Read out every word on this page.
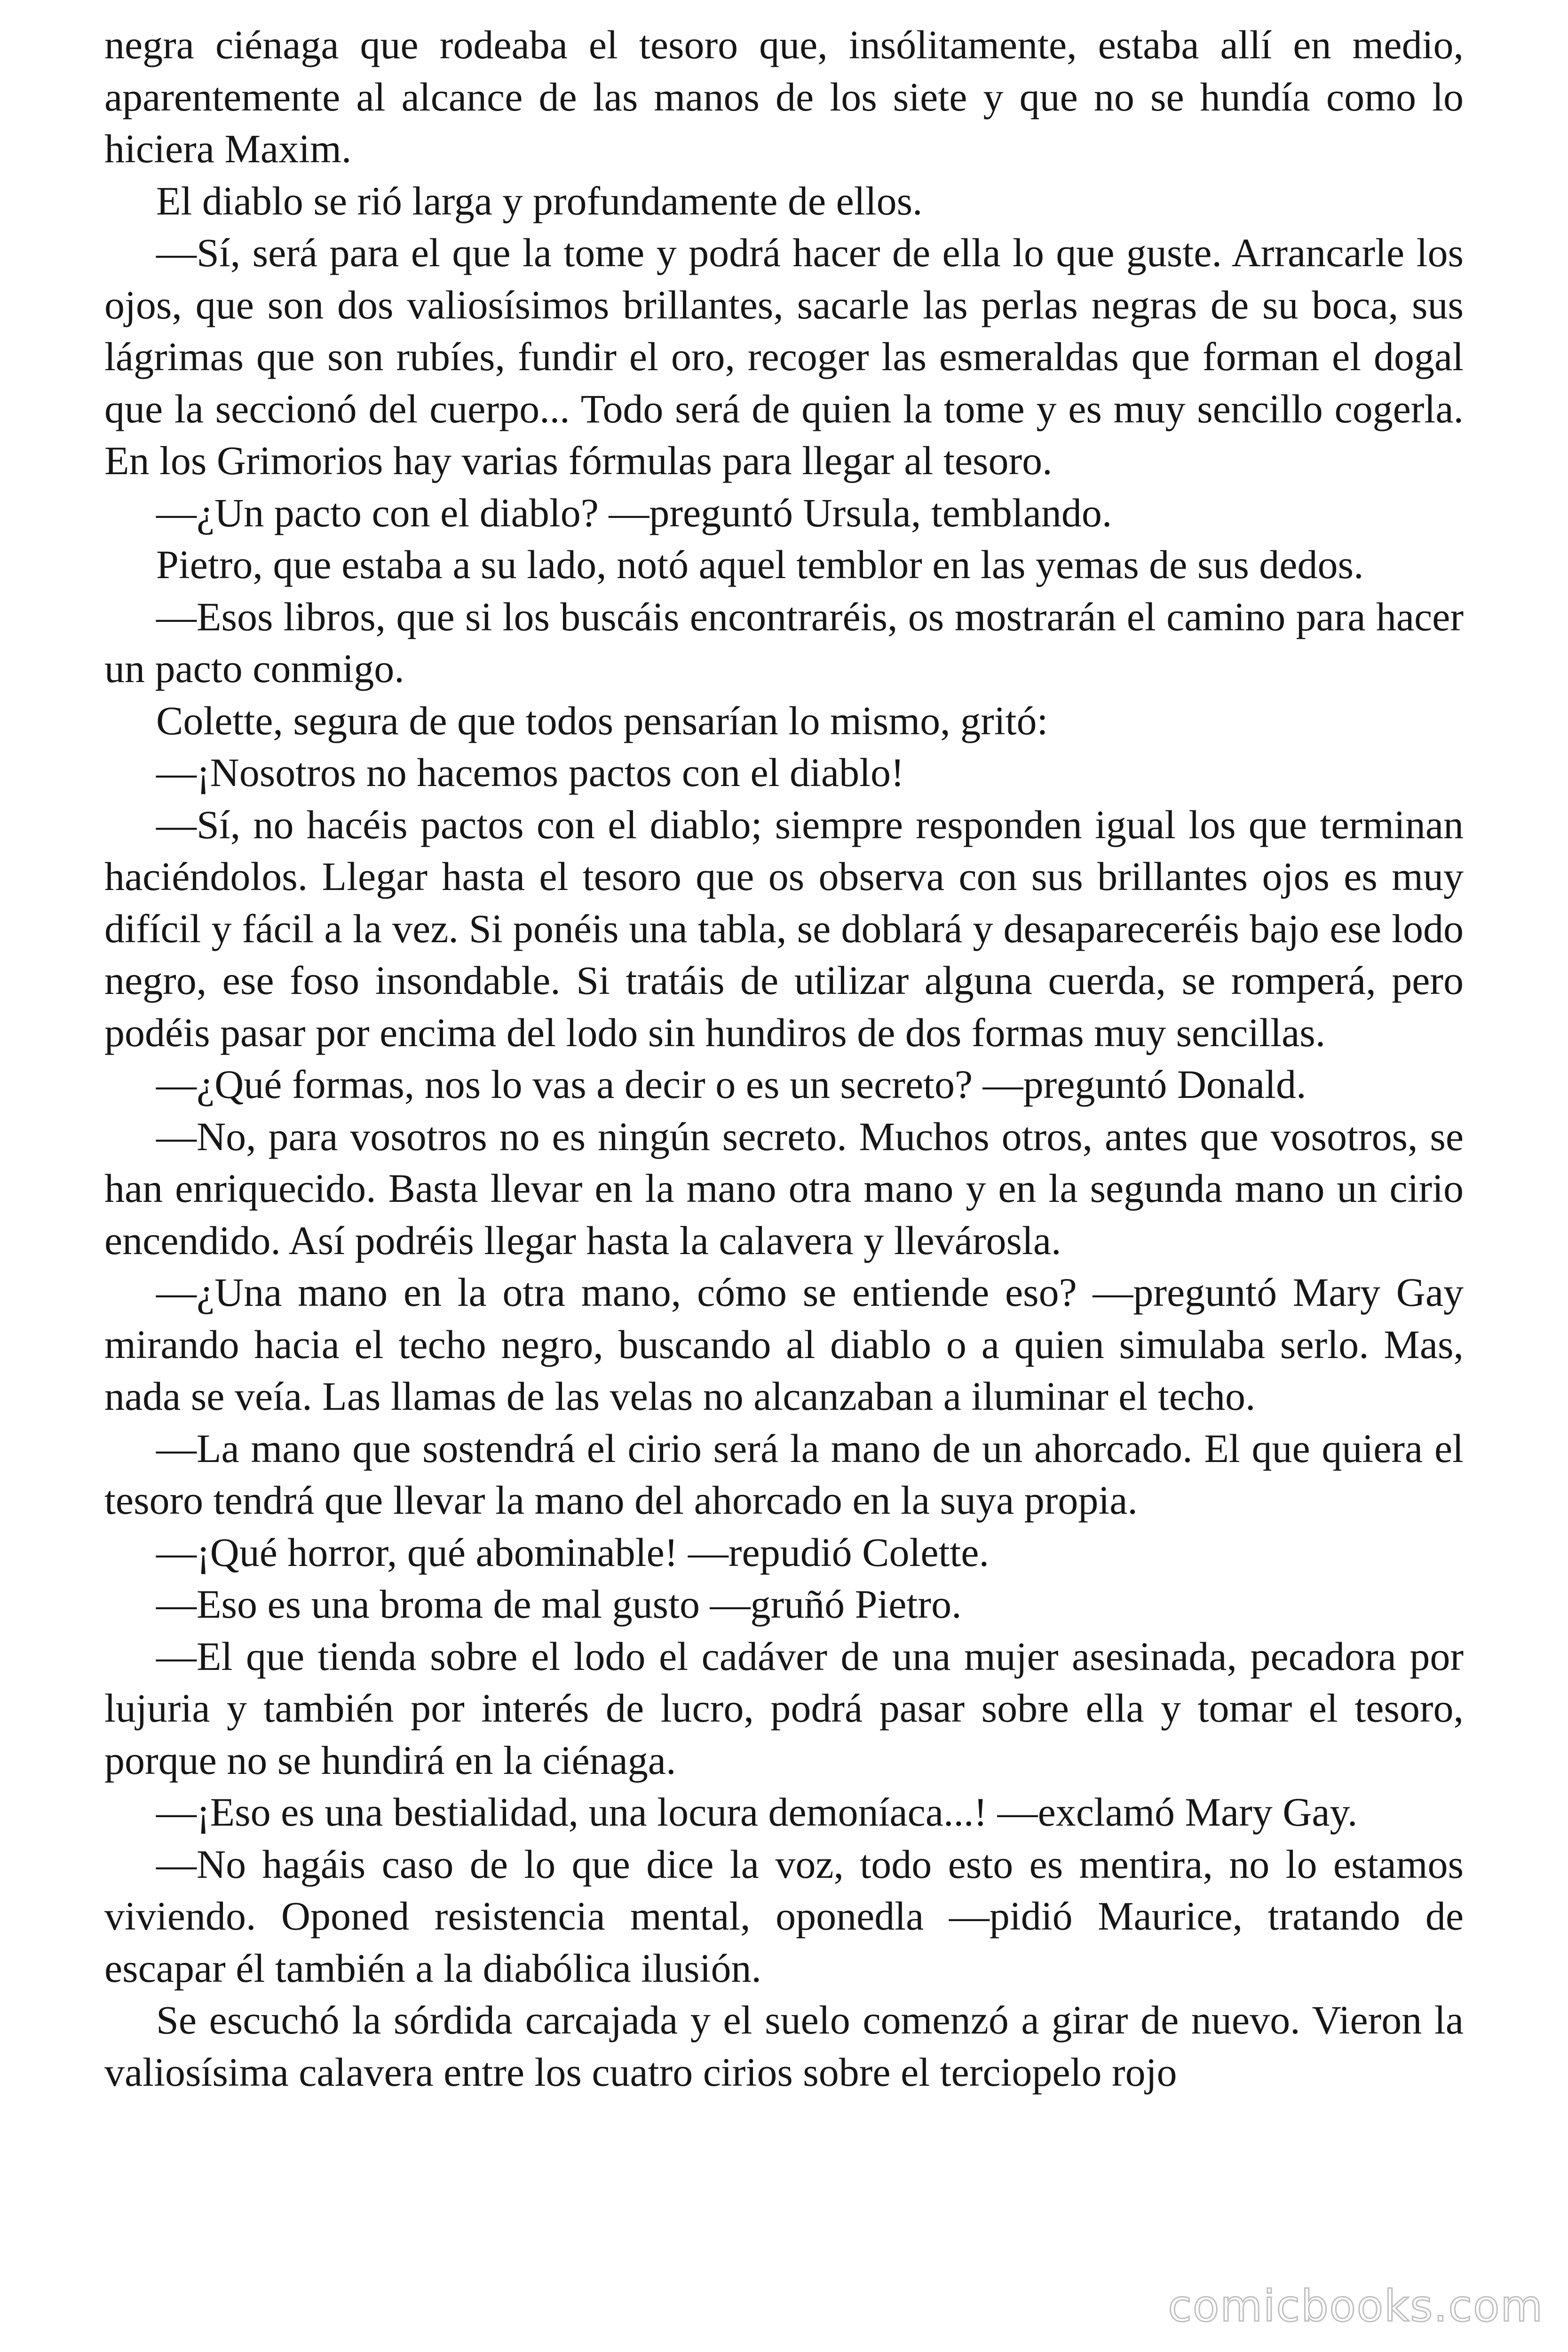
negra ciénaga que rodeaba el tesoro que, insólitamente, estaba allí en medio, aparentemente al alcance de las manos de los siete y que no se hundía como lo hiciera Maxim.

El diablo se rió larga y profundamente de ellos.

—Sí, será para el que la tome y podrá hacer de ella lo que guste. Arrancarle los ojos, que son dos valiosísimos brillantes, sacarle las perlas negras de su boca, sus lágrimas que son rubíes, fundir el oro, recoger las esmeraldas que forman el dogal que la seccionó del cuerpo... Todo será de quien la tome y es muy sencillo cogerla. En los Grimorios hay varias fórmulas para llegar al tesoro.

—¿Un pacto con el diablo? —preguntó Ursula, temblando.

Pietro, que estaba a su lado, notó aquel temblor en las yemas de sus dedos.

—Esos libros, que si los buscáis encontraréis, os mostrarán el camino para hacer un pacto conmigo.

Colette, segura de que todos pensarían lo mismo, gritó:

—¡Nosotros no hacemos pactos con el diablo!

—Sí, no hacéis pactos con el diablo; siempre responden igual los que terminan haciéndolos. Llegar hasta el tesoro que os observa con sus brillantes ojos es muy difícil y fácil a la vez. Si ponéis una tabla, se doblará y desapareceréis bajo ese lodo negro, ese foso insondable. Si tratáis de utilizar alguna cuerda, se romperá, pero podéis pasar por encima del lodo sin hundiros de dos formas muy sencillas.

—¿Qué formas, nos lo vas a decir o es un secreto? —preguntó Donald.

—No, para vosotros no es ningún secreto. Muchos otros, antes que vosotros, se han enriquecido. Basta llevar en la mano otra mano y en la segunda mano un cirio encendido. Así podréis llegar hasta la calavera y llevárosla.

—¿Una mano en la otra mano, cómo se entiende eso? —preguntó Mary Gay mirando hacia el techo negro, buscando al diablo o a quien simulaba serlo. Mas, nada se veía. Las llamas de las velas no alcanzaban a iluminar el techo.

—La mano que sostendrá el cirio será la mano de un ahorcado. El que quiera el tesoro tendrá que llevar la mano del ahorcado en la suya propia.

—¡Qué horror, qué abominable! —repudió Colette.

—Eso es una broma de mal gusto —gruñó Pietro.

—El que tienda sobre el lodo el cadáver de una mujer asesinada, pecadora por lujuria y también por interés de lucro, podrá pasar sobre ella y tomar el tesoro, porque no se hundirá en la ciénaga.

—¡Eso es una bestialidad, una locura demoníaca...! —exclamó Mary Gay.

—No hagáis caso de lo que dice la voz, todo esto es mentira, no lo estamos viviendo. Oponed resistencia mental, oponedla —pidió Maurice, tratando de escapar él también a la diabólica ilusión.

Se escuchó la sórdida carcajada y el suelo comenzó a girar de nuevo. Vieron la valiosísima calavera entre los cuatro cirios sobre el terciopelo rojo

comicbooks.com
